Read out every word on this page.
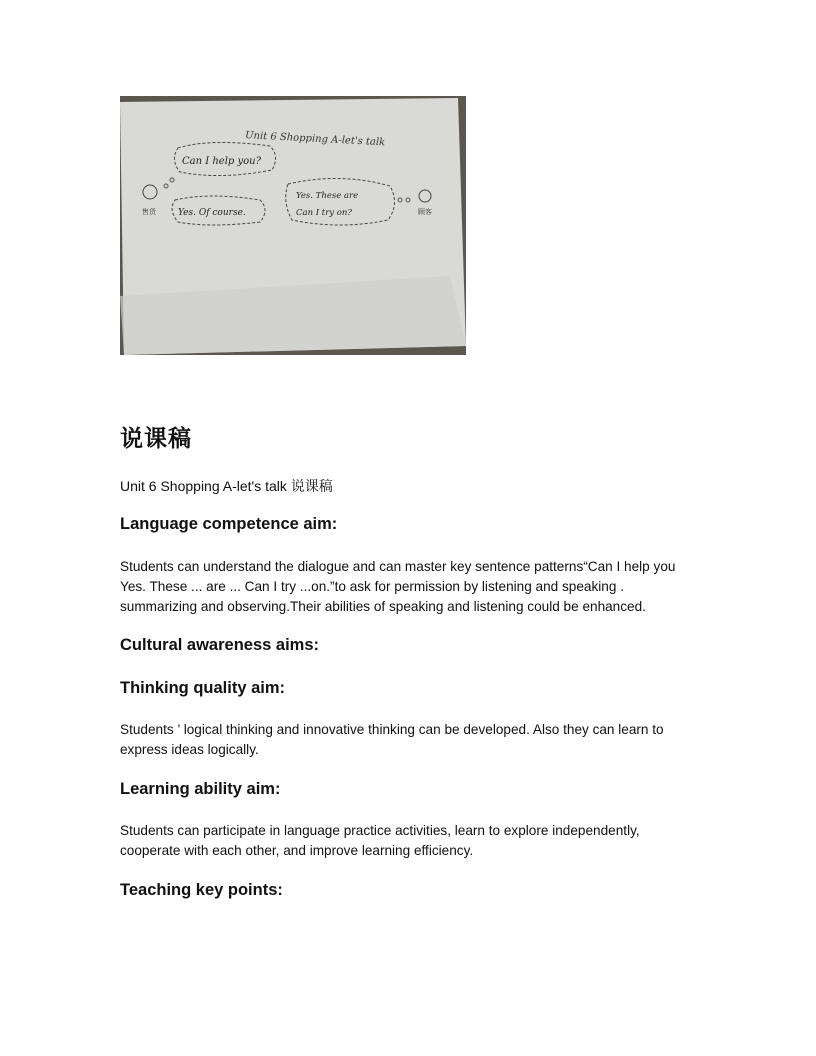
Unit 6 Shopping A-let's talk
Can I help you?
Yes. Of course.
Yes. These are
Can I try on?
售货	顾客
说课稿

Unit 6 Shopping A-let's talk 说课稿

Language competence aim:

Students can understand the dialogue and can master key sentence patterns“Can I help you Yes. These ... are ... Can I try ...on.”to ask for permission by listening and speaking . summarizing and observing.Their abilities of speaking and listening could be enhanced.

Cultural awareness aims:
Thinking quality aim:

Students ’ logical thinking and innovative thinking can be developed. Also they can learn to express ideas logically.

Learning ability aim:

Students can participate in language practice activities, learn to explore independently, cooperate with each other, and improve learning efficiency.

Teaching key points:
